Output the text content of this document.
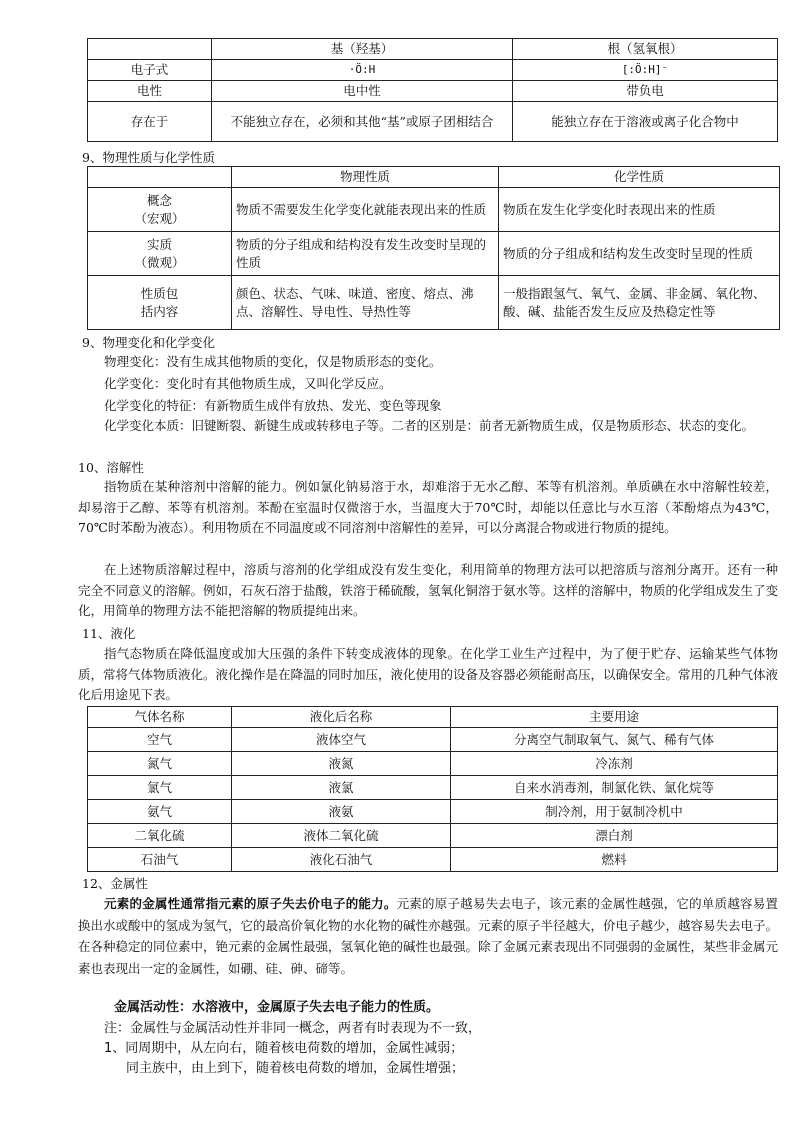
	基（羟基）	根（氢氧根）
电子式	·Ö:H	[:Ö:H]⁻
电性	电中性	带负电
存在于	不能独立存在，必须和其他“基”或原子团相结合	能独立存在于溶液或离子化合物中
9、物理性质与化学性质
	物理性质	化学性质
概念
（宏观）	物质不需要发生化学变化就能表现出来的性质	物质在发生化学变化时表现出来的性质
实质
（微观）	物质的分子组成和结构没有发生改变时呈现的性质	物质的分子组成和结构发生改变时呈现的性质
性质包
括内容	颜色、状态、气味、味道、密度、熔点、沸点、溶解性、导电性、导热性等	一般指跟氢气、氧气、金属、非金属、氧化物、酸、碱、盐能否发生反应及热稳定性等
9、物理变化和化学变化
物理变化：没有生成其他物质的变化，仅是物质形态的变化。
化学变化：变化时有其他物质生成，又叫化学反应。
化学变化的特征：有新物质生成伴有放热、发光、变色等现象
化学变化本质：旧键断裂、新键生成或转移电子等。二者的区别是：前者无新物质生成，仅是物质形态、状态的变化。
10、溶解性
指物质在某种溶剂中溶解的能力。例如氯化钠易溶于水，却难溶于无水乙醇、苯等有机溶剂。单质碘在水中溶解性较差，却易溶于乙醇、苯等有机溶剂。苯酚在室温时仅微溶于水，当温度大于70℃时，却能以任意比与水互溶（苯酚熔点为43℃，70℃时苯酚为液态）。利用物质在不同温度或不同溶剂中溶解性的差异，可以分离混合物或进行物质的提纯。
在上述物质溶解过程中，溶质与溶剂的化学组成没有发生变化，利用简单的物理方法可以把溶质与溶剂分离开。还有一种完全不同意义的溶解。例如，石灰石溶于盐酸，铁溶于稀硫酸，氢氧化铜溶于氨水等。这样的溶解中，物质的化学组成发生了变化，用简单的物理方法不能把溶解的物质提纯出来。
11、液化
指气态物质在降低温度或加大压强的条件下转变成液体的现象。在化学工业生产过程中，为了便于贮存、运输某些气体物质，常将气体物质液化。液化操作是在降温的同时加压，液化使用的设备及容器必须能耐高压，以确保安全。常用的几种气体液化后用途见下表。
气体名称	液化后名称	主要用途
空气	液体空气	分离空气制取氧气、氮气、稀有气体
氮气	液氮	冷冻剂
氯气	液氯	自来水消毒剂，制氯化铁、氯化烷等
氨气	液氨	制冷剂，用于氨制冷机中
二氧化硫	液体二氧化硫	漂白剂
石油气	液化石油气	燃料
12、金属性
元素的金属性通常指元素的原子失去价电子的能力。元素的原子越易失去电子，该元素的金属性越强，它的单质越容易置换出水或酸中的氢成为氢气，它的最高价氧化物的水化物的碱性亦越强。元素的原子半径越大，价电子越少，越容易失去电子。在各种稳定的同位素中，铯元素的金属性最强，氢氧化铯的碱性也最强。除了金属元素表现出不同强弱的金属性，某些非金属元素也表现出一定的金属性，如硼、硅、砷、碲等。
金属活动性：水溶液中，金属原子失去电子能力的性质。
注：金属性与金属活动性并非同一概念，两者有时表现为不一致，
1、同周期中，从左向右，随着核电荷数的增加，金属性减弱；
同主族中，由上到下，随着核电荷数的增加，金属性增强；
